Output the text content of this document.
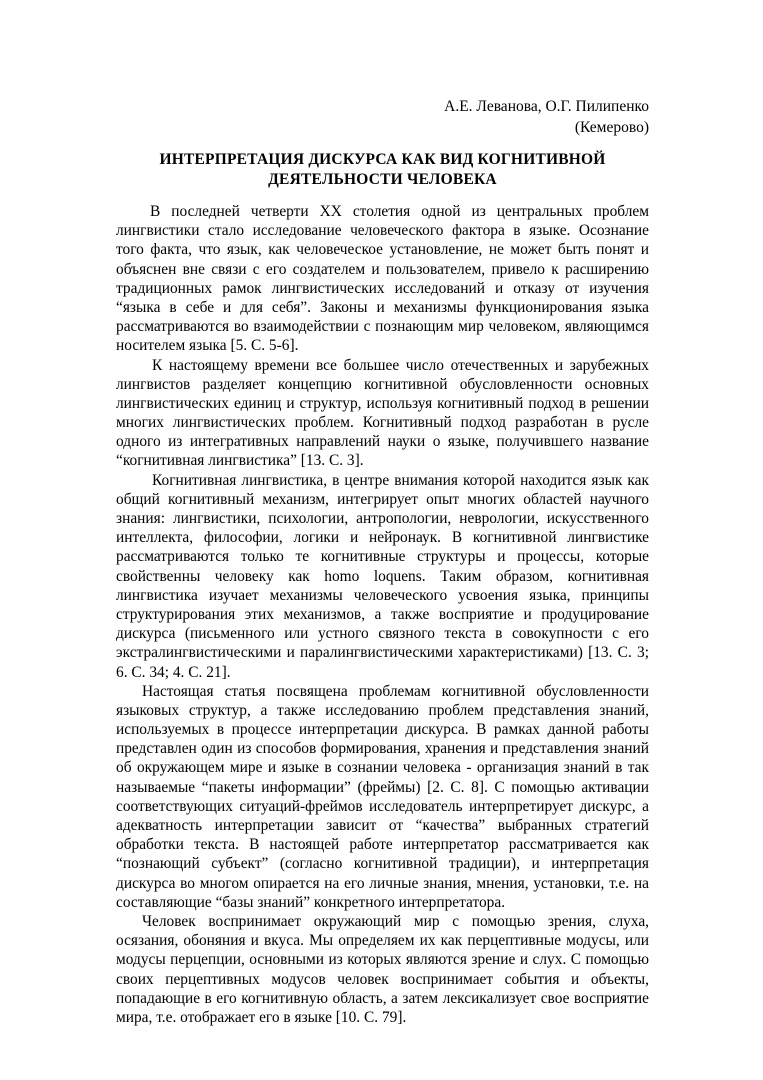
А.Е. Леванова, О.Г. Пилипенко
(Кемерово)
ИНТЕРПРЕТАЦИЯ ДИСКУРСА КАК ВИД КОГНИТИВНОЙ
ДЕЯТЕЛЬНОСТИ ЧЕЛОВЕКА
В последней четверти XX столетия одной из центральных проблем
лингвистики стало исследование человеческого фактора в языке. Осознание
того факта, что язык, как человеческое установление, не может быть понят и
объяснен вне связи с его создателем и пользователем, привело к расширению
традиционных рамок лингвистических исследований и отказу от изучения
“языка в себе и для себя”. Законы и механизмы функционирования языка
рассматриваются во взаимодействии с познающим мир человеком, являющимся
носителем языка [5. С. 5-6].
К настоящему времени все большее число отечественных и зарубежных
лингвистов разделяет концепцию когнитивной обусловленности основных
лингвистических единиц и структур, используя когнитивный подход в решении
многих лингвистических проблем. Когнитивный подход разработан в русле
одного из интегративных направлений науки о языке, получившего название
“когнитивная лингвистика” [13. С. 3].
Когнитивная лингвистика, в центре внимания которой находится язык как
общий когнитивный механизм, интегрирует опыт многих областей научного
знания: лингвистики, психологии, антропологии, неврологии, искусственного
интеллекта, философии, логики и нейронаук. В когнитивной лингвистике
рассматриваются только те когнитивные структуры и процессы, которые
свойственны человеку как homo loquens. Таким образом, когнитивная
лингвистика изучает механизмы человеческого усвоения языка, принципы
структурирования этих механизмов, а также восприятие и продуцирование
дискурса (письменного или устного связного текста в совокупности с его
экстралингвистическими и паралингвистическими характеристиками) [13. С. 3;
6. С. 34; 4. С. 21].
Настоящая статья посвящена проблемам когнитивной обусловленности
языковых структур, а также исследованию проблем представления знаний,
используемых в процессе интерпретации дискурса. В рамках данной работы
представлен один из способов формирования, хранения и представления знаний
об окружающем мире и языке в сознании человека - организация знаний в так
называемые “пакеты информации” (фреймы) [2. С. 8]. С помощью активации
соответствующих ситуаций-фреймов исследователь интерпретирует дискурс, а
адекватность интерпретации зависит от “качества” выбранных стратегий
обработки текста. В настоящей работе интерпретатор рассматривается как
“познающий субъект” (согласно когнитивной традиции), и интерпретация
дискурса во многом опирается на его личные знания, мнения, установки, т.е. на
составляющие “базы знаний” конкретного интерпретатора.
Человек воспринимает окружающий мир с помощью зрения, слуха,
осязания, обоняния и вкуса. Мы определяем их как перцептивные модусы, или
модусы перцепции, основными из которых являются зрение и слух. С помощью
своих перцептивных модусов человек воспринимает события и объекты,
попадающие в его когнитивную область, а затем лексикализует свое восприятие
мира, т.е. отображает его в языке [10. С. 79].
